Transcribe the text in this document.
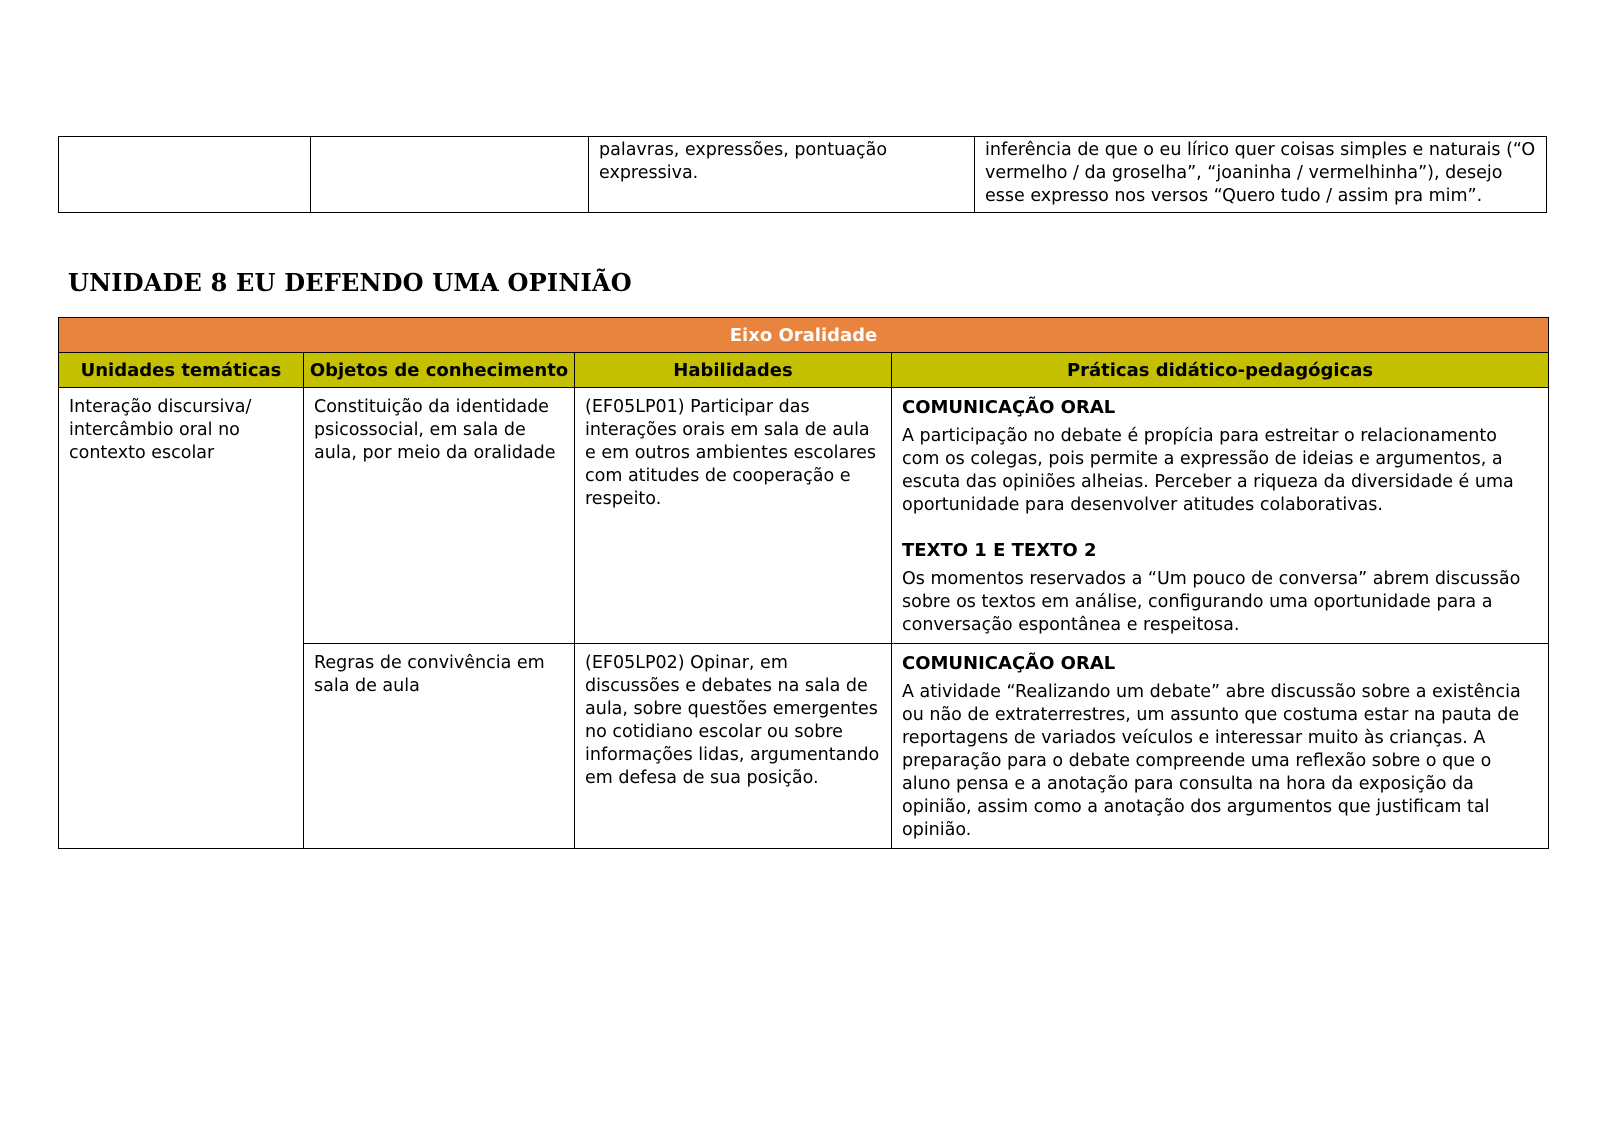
		palavras, expressões, pontuação expressiva.	inferência de que o eu lírico quer coisas simples e naturais (“O vermelho / da groselha”, “joaninha / vermelhinha”), desejo esse expresso nos versos “Quero tudo / assim pra mim”.
UNIDADE 8 EU DEFENDO UMA OPINIÃO
Eixo Oralidade			
Unidades temáticas	Objetos de conhecimento	Habilidades	Práticas didático-pedagógicas
Interação discursiva/ intercâmbio oral no contexto escolar	Constituição da identidade psicossocial, em sala de aula, por meio da oralidade	(EF05LP01) Participar das interações orais em sala de aula e em outros ambientes escolares com atitudes de cooperação e respeito.	COMUNICAÇÃO ORAL

A participação no debate é propícia para estreitar o relacionamento com os colegas, pois permite a expressão de ideias e argumentos, a escuta das opiniões alheias. Perceber a riqueza da diversidade é uma oportunidade para desenvolver atitudes colaborativas.

TEXTO 1 E TEXTO 2

Os momentos reservados a “Um pouco de conversa” abrem discussão sobre os textos em análise, configurando uma oportunidade para a conversação espontânea e respeitosa.

	Regras de convivência em sala de aula	(EF05LP02) Opinar, em discussões e debates na sala de aula, sobre questões emergentes no cotidiano escolar ou sobre informações lidas, argumentando em defesa de sua posição.	COMUNICAÇÃO ORAL

A atividade “Realizando um debate” abre discussão sobre a existência ou não de extraterrestres, um assunto que costuma estar na pauta de reportagens de variados veículos e interessar muito às crianças. A preparação para o debate compreende uma reflexão sobre o que o aluno pensa e a anotação para consulta na hora da exposição da opinião, assim como a anotação dos argumentos que justificam tal opinião.
